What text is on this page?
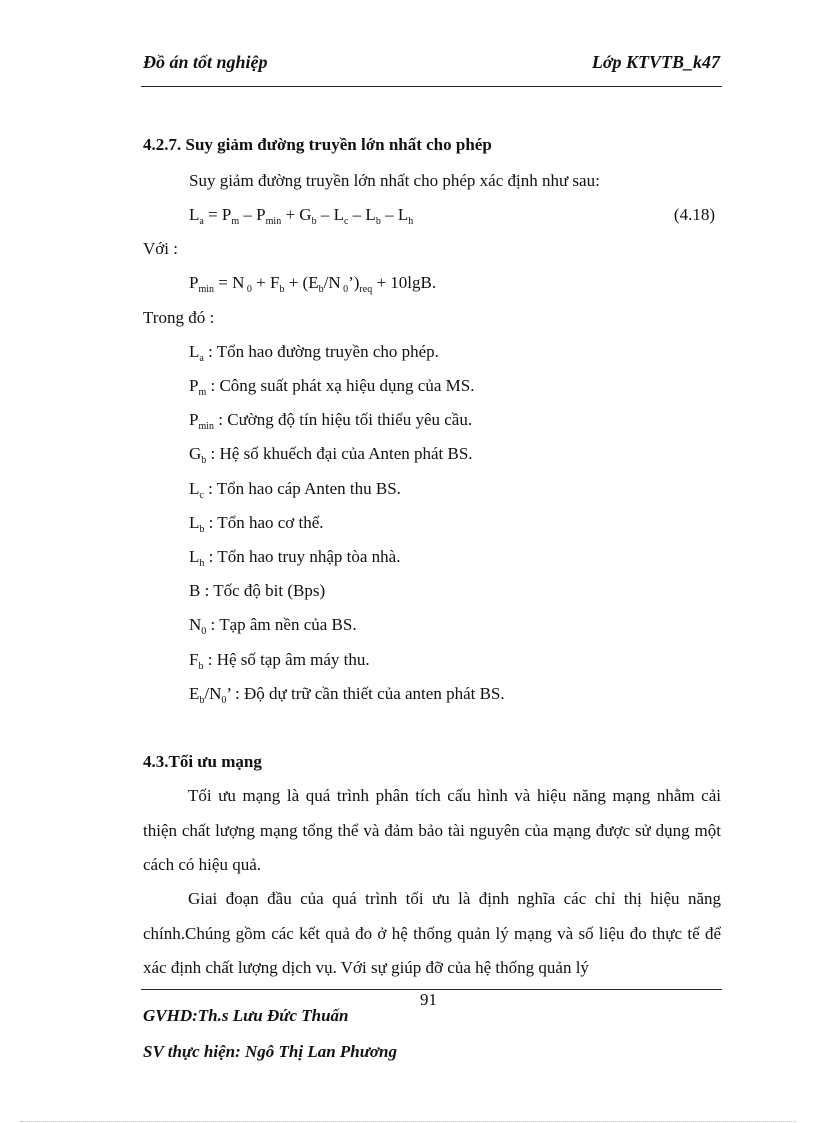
Đồ án tốt nghiệp	Lớp KTVTB_k47
4.2.7. Suy giảm đường truyền lớn nhất cho phép
Suy giảm đường truyền lớn nhất cho phép xác định như sau:
$L_a = P_m - P_{min} + G_b - L_c - L_b - L_h$	(4.18)
Với :
$P_{min} = N$ $_0 + F_b + (E_b/N$ $_0’)_{req} + 10\lg B$.
Trong đó :
$L_a$ : Tổn hao đường truyền cho phép.
$P_m$ : Công suất phát xạ hiệu dụng của MS.
$P_{min}$ : Cường độ tín hiệu tối thiểu yêu cầu.
$G_b$ : Hệ số khuếch đại của Anten phát BS.
$L_c$ : Tổn hao cáp Anten thu BS.
$L_b$ : Tổn hao cơ thể.
$L_h$ : Tổn hao truy nhập tòa nhà.
B : Tốc độ bit (Bps)
$N_0$ : Tạp âm nền của BS.
$F_b$ : Hệ số tạp âm máy thu.
$E_b/N_0$’ : Độ dự trữ cần thiết của anten phát BS.
4.3.Tối ưu mạng
Tối ưu mạng là quá trình phân tích cấu hình và hiệu năng mạng nhằm cải thiện chất lượng mạng tổng thể và đảm bảo tài nguyên của mạng được sử dụng một cách có hiệu quả.
Giai đoạn đầu của quá trình tối ưu là định nghĩa các chỉ thị hiệu năng chính.Chúng gồm các kết quả đo ở hệ thống quản lý mạng và số liệu đo thực tế để xác định chất lượng dịch vụ. Với sự giúp đỡ của hệ thống quản lý
91
GVHD:Th.s Lưu Đức Thuấn
SV thực hiện: Ngô Thị Lan Phương
